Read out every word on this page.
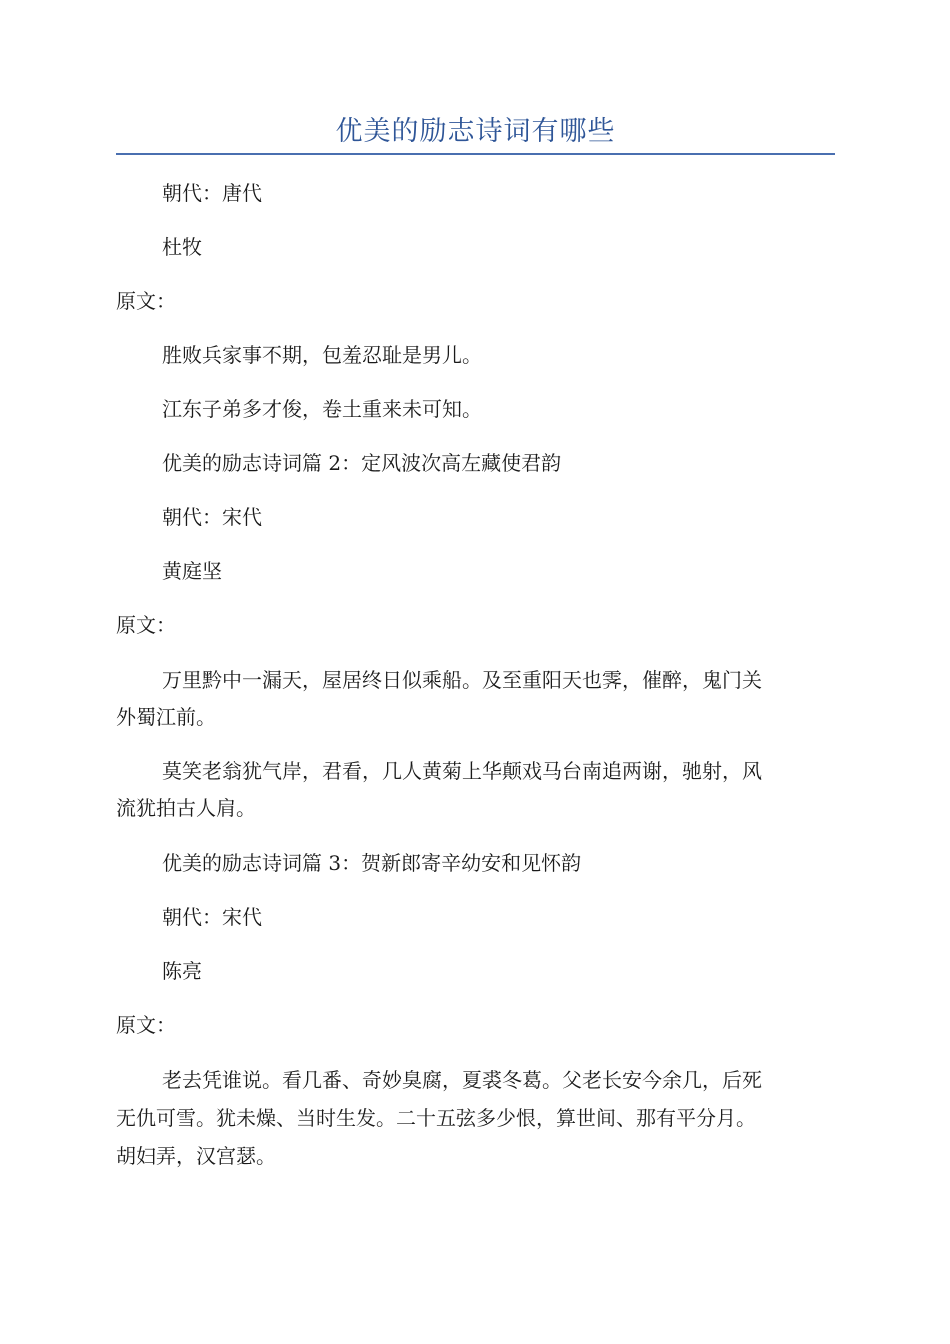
优美的励志诗词有哪些
朝代：唐代
杜牧
原文：
胜败兵家事不期，包羞忍耻是男儿。
江东子弟多才俊，卷土重来未可知。
优美的励志诗词篇 2：定风波次高左藏使君韵
朝代：宋代
黄庭坚
原文：
万里黔中一漏天，屋居终日似乘船。及至重阳天也霁，催醉，鬼门关
外蜀江前。
莫笑老翁犹气岸，君看，几人黄菊上华颠戏马台南追两谢，驰射，风
流犹拍古人肩。
优美的励志诗词篇 3：贺新郎寄辛幼安和见怀韵
朝代：宋代
陈亮
原文：
老去凭谁说。看几番、奇妙臭腐，夏裘冬葛。父老长安今余几，后死
无仇可雪。犹未燥、当时生发。二十五弦多少恨，算世间、那有平分月。
胡妇弄，汉宫瑟。
